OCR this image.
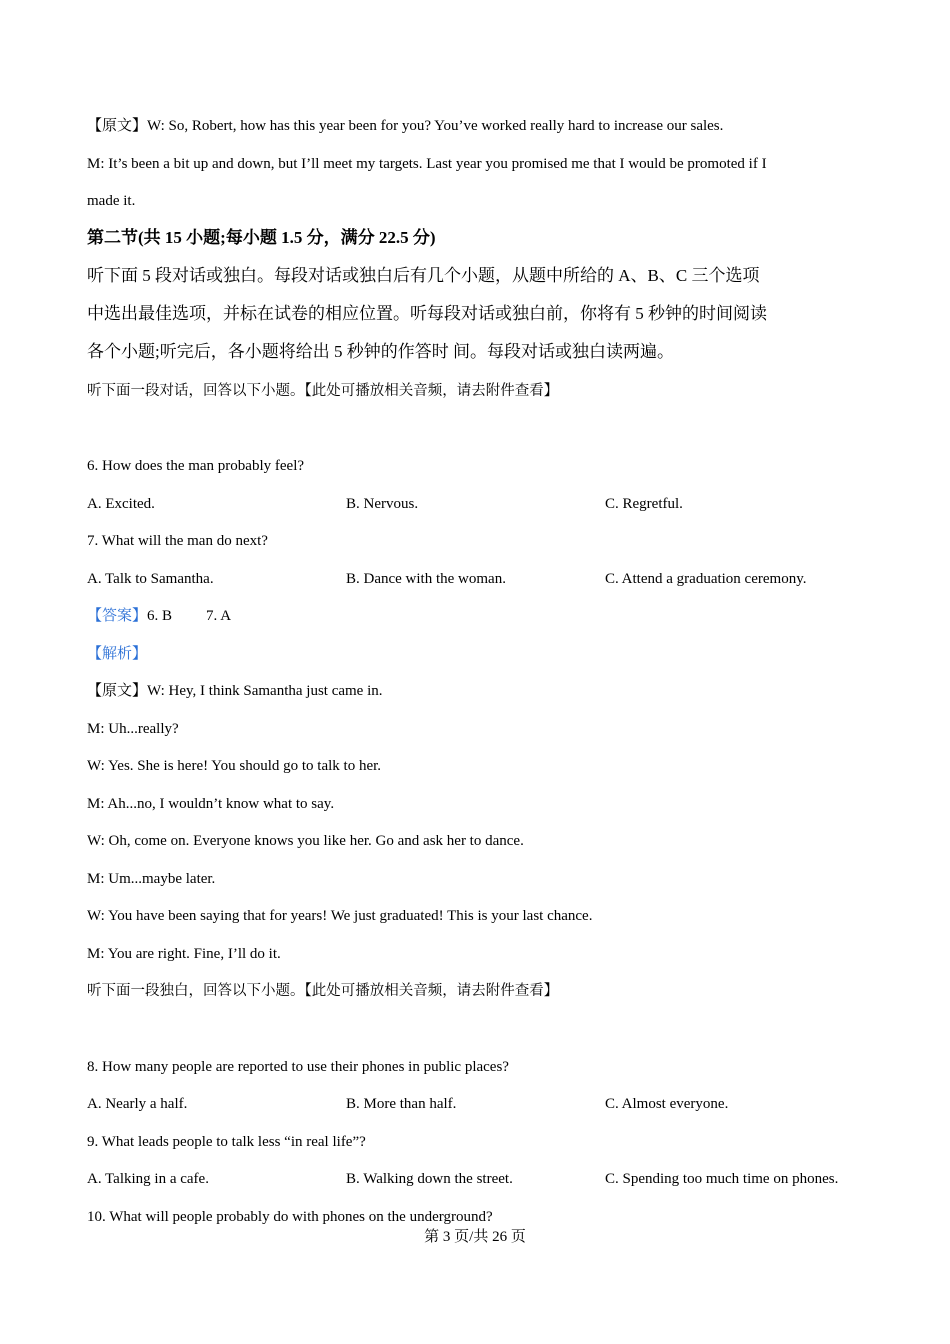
【原文】W: So, Robert, how has this year been for you? You’ve worked really hard to increase our sales.
M: It’s been a bit up and down, but I’ll meet my targets. Last year you promised me that I would be promoted if I
made it.
第二节(共 15 小题;每小题 1.5 分，满分 22.5 分)
听下面 5 段对话或独白。每段对话或独白后有几个小题，从题中所给的 A、B、C 三个选项
中选出最佳选项，并标在试卷的相应位置。听每段对话或独白前，你将有 5 秒钟的时间阅读
各个小题;听完后，各小题将给出 5 秒钟的作答时 间。每段对话或独白读两遍。
听下面一段对话，回答以下小题。【此处可播放相关音频，请去附件查看】
6. How does the man probably feel?
A. Excited.	B. Nervous.	C. Regretful.
7. What will the man do next?
A. Talk to Samantha.	B. Dance with the woman.	C. Attend a graduation ceremony.
【答案】6. B 7. A
【解析】
【原文】W: Hey, I think Samantha just came in.
M: Uh...really?
W: Yes. She is here! You should go to talk to her.
M: Ah...no, I wouldn’t know what to say.
W: Oh, come on. Everyone knows you like her. Go and ask her to dance.
M: Um...maybe later.
W: You have been saying that for years! We just graduated! This is your last chance.
M: You are right. Fine, I’ll do it.
听下面一段独白，回答以下小题。【此处可播放相关音频，请去附件查看】
8. How many people are reported to use their phones in public places?
A. Nearly a half.	B. More than half.	C. Almost everyone.
9. What leads people to talk less “in real life”?
A. Talking in a cafe.	B. Walking down the street.	C. Spending too much time on phones.
10. What will people probably do with phones on the underground?
第 3 页/共 26 页
